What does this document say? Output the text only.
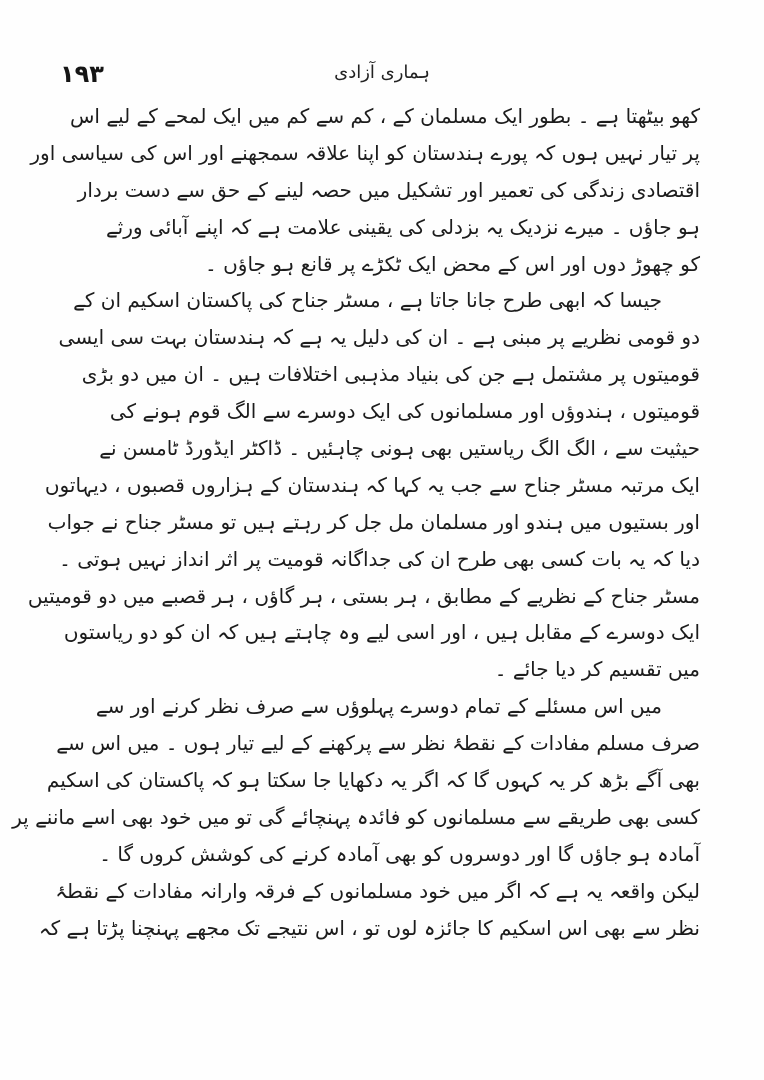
۱۹۳	ہماری آزادی
کھو بیٹھتا ہے ۔ بطور ایک مسلمان کے ، کم سے کم میں ایک لمحے کے لیے اس
پر تیار نہیں ہوں کہ پورے ہندستان کو اپنا علاقہ سمجھنے اور اس کی سیاسی اور
اقتصادی زندگی کی تعمیر اور تشکیل میں حصہ لینے کے حق سے دست بردار
ہو جاؤں ۔ میرے نزدیک یہ بزدلی کی یقینی علامت ہے کہ اپنے آبائی ورثے
کو چھوڑ دوں اور اس کے محض ایک ٹکڑے پر قانع ہو جاؤں ۔
جیسا کہ ابھی طرح جانا جاتا ہے ، مسٹر جناح کی پاکستان اسکیم ان کے
دو قومی نظریے پر مبنی ہے ۔ ان کی دلیل یہ ہے کہ ہندستان بہت سی ایسی
قومیتوں پر مشتمل ہے جن کی بنیاد مذہبی اختلافات ہیں ۔ ان میں دو بڑی
قومیتوں ، ہندوؤں اور مسلمانوں کی ایک دوسرے سے الگ قوم ہونے کی
حیثیت سے ، الگ الگ ریاستیں بھی ہونی چاہئیں ۔ ڈاکٹر ایڈورڈ ٹامسن نے
ایک مرتبہ مسٹر جناح سے جب یہ کہا کہ ہندستان کے ہزاروں قصبوں ، دیہاتوں
اور بستیوں میں ہندو اور مسلمان مل جل کر رہتے ہیں تو مسٹر جناح نے جواب
دیا کہ یہ بات کسی بھی طرح ان کی جداگانہ قومیت پر اثر انداز نہیں ہوتی ۔
مسٹر جناح کے نظریے کے مطابق ، ہر بستی ، ہر گاؤں ، ہر قصبے میں دو قومیتیں
ایک دوسرے کے مقابل ہیں ، اور اسی لیے وہ چاہتے ہیں کہ ان کو دو ریاستوں
میں تقسیم کر دیا جائے ۔
میں اس مسئلے کے تمام دوسرے پہلوؤں سے صرف نظر کرنے اور سے
صرف مسلم مفادات کے نقطۂ نظر سے پرکھنے کے لیے تیار ہوں ۔ میں اس سے
بھی آگے بڑھ کر یہ کہوں گا کہ اگر یہ دکھایا جا سکتا ہو کہ پاکستان کی اسکیم
کسی بھی طریقے سے مسلمانوں کو فائدہ پہنچائے گی تو میں خود بھی اسے ماننے پر
آمادہ ہو جاؤں گا اور دوسروں کو بھی آمادہ کرنے کی کوشش کروں گا ۔
لیکن واقعہ یہ ہے کہ اگر میں خود مسلمانوں کے فرقہ وارانہ مفادات کے نقطۂ
نظر سے بھی اس اسکیم کا جائزہ لوں تو ، اس نتیجے تک مجھے پہنچنا پڑتا ہے کہ
